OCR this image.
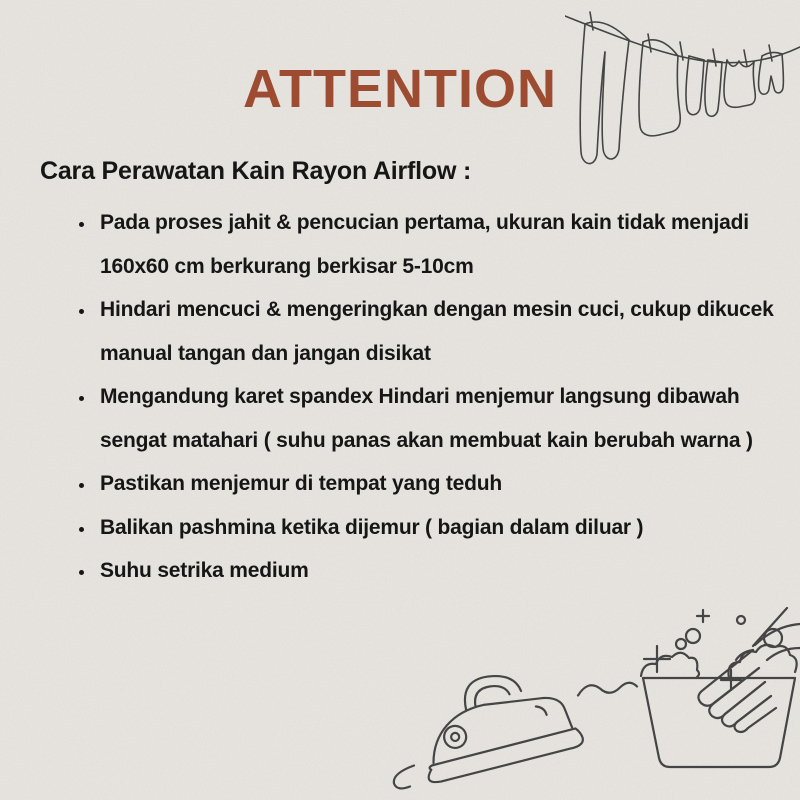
ATTENTION

Cara Perawatan Kain Rayon Airflow :

• Pada proses jahit & pencucian pertama, ukuran kain tidak menjadi 160x60 cm berkurang berkisar 5-10cm
• Hindari mencuci & mengeringkan dengan mesin cuci, cukup dikucek manual tangan dan jangan disikat
• Mengandung karet spandex Hindari menjemur langsung dibawah sengat matahari ( suhu panas akan membuat kain berubah warna )
• Pastikan menjemur di tempat yang teduh
• Balikan pashmina ketika dijemur ( bagian dalam diluar )
• Suhu setrika medium
